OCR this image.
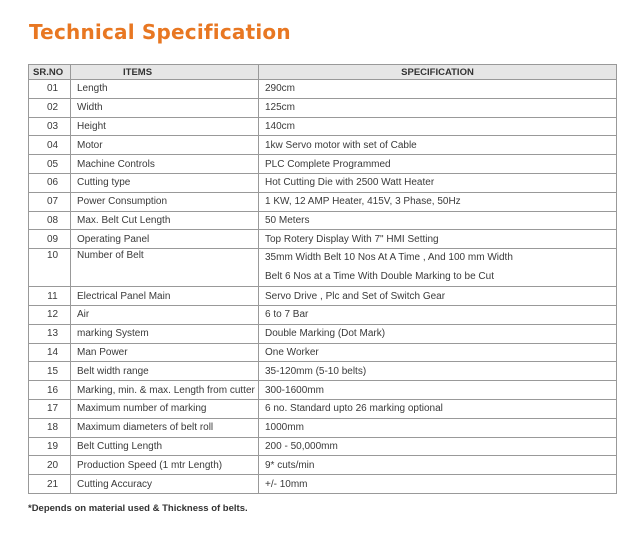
Technical Specification
SR.NO	ITEMS	SPECIFICATION
01	Length	290cm

02	Width	125cm

03	Height	140cm

04	Motor	1kw Servo motor with set of Cable

05	Machine Controls	PLC Complete Programmed

06	Cutting type	Hot Cutting Die with 2500 Watt Heater

07	Power Consumption	1 KW, 12 AMP Heater, 415V, 3 Phase, 50Hz

08	Max. Belt Cut Length	50 Meters

09	Operating Panel	Top Rotery Display With 7" HMI Setting

10	Number of Belt	35mm Width Belt 10 Nos At A Time , And 100 mm Width
Belt 6 Nos at a Time With Double Marking to be Cut

11	Electrical Panel Main	Servo Drive , Plc and Set of Switch Gear

12	Air	6 to 7 Bar

13	marking System	Double Marking (Dot Mark)

14	Man Power	One Worker

15	Belt width range	35-120mm (5-10 belts)

16	Marking, min. & max. Length from cutter	300-1600mm

17	Maximum number of marking	6 no. Standard upto 26 marking optional

18	Maximum diameters of belt roll	1000mm

19	Belt Cutting Length	200 - 50,000mm

20	Production Speed (1 mtr Length)	9* cuts/min

21	Cutting Accuracy	+/- 10mm
*Depends on material used & Thickness of belts.
